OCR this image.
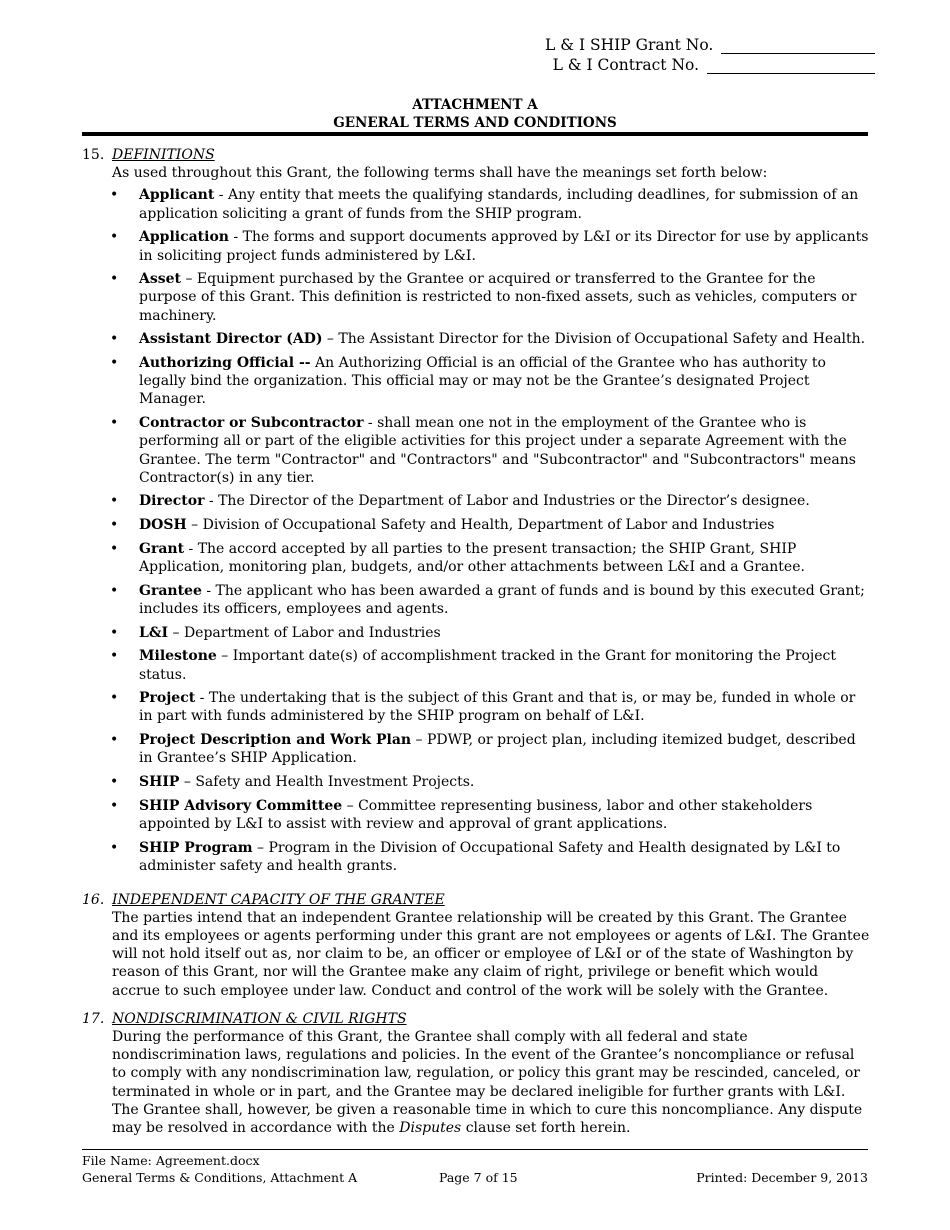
L & I SHIP Grant No.
L & I Contract No.
ATTACHMENT A
GENERAL TERMS AND CONDITIONS
15. DEFINITIONS
As used throughout this Grant, the following terms shall have the meanings set forth below:
• Applicant - Any entity that meets the qualifying standards, including deadlines, for submission of an application soliciting a grant of funds from the SHIP program.
• Application - The forms and support documents approved by L&I or its Director for use by applicants in soliciting project funds administered by L&I.
• Asset – Equipment purchased by the Grantee or acquired or transferred to the Grantee for the purpose of this Grant. This definition is restricted to non-fixed assets, such as vehicles, computers or machinery.
• Assistant Director (AD) – The Assistant Director for the Division of Occupational Safety and Health.
• Authorizing Official -- An Authorizing Official is an official of the Grantee who has authority to legally bind the organization. This official may or may not be the Grantee’s designated Project Manager.
• Contractor or Subcontractor - shall mean one not in the employment of the Grantee who is performing all or part of the eligible activities for this project under a separate Agreement with the Grantee. The term "Contractor" and "Contractors" and "Subcontractor" and "Subcontractors" means Contractor(s) in any tier.
• Director - The Director of the Department of Labor and Industries or the Director’s designee.
• DOSH – Division of Occupational Safety and Health, Department of Labor and Industries
• Grant - The accord accepted by all parties to the present transaction; the SHIP Grant, SHIP Application, monitoring plan, budgets, and/or other attachments between L&I and a Grantee.
• Grantee - The applicant who has been awarded a grant of funds and is bound by this executed Grant; includes its officers, employees and agents.
• L&I – Department of Labor and Industries
• Milestone – Important date(s) of accomplishment tracked in the Grant for monitoring the Project status.
• Project - The undertaking that is the subject of this Grant and that is, or may be, funded in whole or in part with funds administered by the SHIP program on behalf of L&I.
• Project Description and Work Plan – PDWP, or project plan, including itemized budget, described in Grantee’s SHIP Application.
• SHIP – Safety and Health Investment Projects.
• SHIP Advisory Committee – Committee representing business, labor and other stakeholders appointed by L&I to assist with review and approval of grant applications.
• SHIP Program – Program in the Division of Occupational Safety and Health designated by L&I to administer safety and health grants.
16. INDEPENDENT CAPACITY OF THE GRANTEE
The parties intend that an independent Grantee relationship will be created by this Grant. The Grantee and its employees or agents performing under this grant are not employees or agents of L&I. The Grantee will not hold itself out as, nor claim to be, an officer or employee of L&I or of the state of Washington by reason of this Grant, nor will the Grantee make any claim of right, privilege or benefit which would accrue to such employee under law. Conduct and control of the work will be solely with the Grantee.
17. NONDISCRIMINATION & CIVIL RIGHTS
During the performance of this Grant, the Grantee shall comply with all federal and state nondiscrimination laws, regulations and policies. In the event of the Grantee’s noncompliance or refusal to comply with any nondiscrimination law, regulation, or policy this grant may be rescinded, canceled, or terminated in whole or in part, and the Grantee may be declared ineligible for further grants with L&I. The Grantee shall, however, be given a reasonable time in which to cure this noncompliance. Any dispute may be resolved in accordance with the Disputes clause set forth herein.
File Name: Agreement.docx
General Terms & Conditions, Attachment A	Printed: December 9, 2013
Page 7 of 15
